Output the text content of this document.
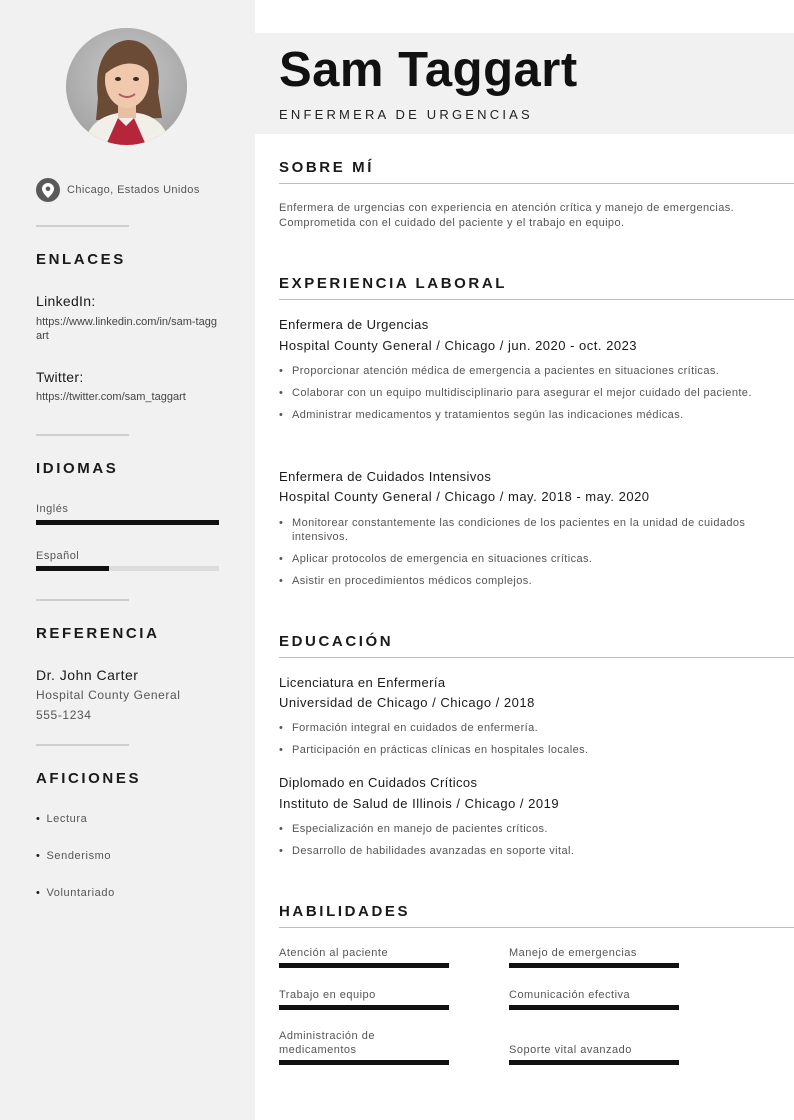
Chicago, Estados Unidos
ENLACES
LinkedIn:
https://www.linkedin.com/in/sam-taggart
Twitter:
https://twitter.com/sam_taggart
IDIOMAS
Inglés
Español
REFERENCIA
Dr. John Carter
Hospital County General
555-1234
AFICIONES
• Lectura
• Senderismo
• Voluntariado
Sam Taggart
ENFERMERA DE URGENCIAS
SOBRE MÍ
Enfermera de urgencias con experiencia en atención crítica y manejo de emergencias. Comprometida con el cuidado del paciente y el trabajo en equipo.
EXPERIENCIA LABORAL
Enfermera de Urgencias
Hospital County General / Chicago / jun. 2020 - oct. 2023
• Proporcionar atención médica de emergencia a pacientes en situaciones críticas.
• Colaborar con un equipo multidisciplinario para asegurar el mejor cuidado del paciente.
• Administrar medicamentos y tratamientos según las indicaciones médicas.
Enfermera de Cuidados Intensivos
Hospital County General / Chicago / may. 2018 - may. 2020
• Monitorear constantemente las condiciones de los pacientes en la unidad de cuidados intensivos.
• Aplicar protocolos de emergencia en situaciones críticas.
• Asistir en procedimientos médicos complejos.
EDUCACIÓN
Licenciatura en Enfermería
Universidad de Chicago / Chicago / 2018
• Formación integral en cuidados de enfermería.
• Participación en prácticas clínicas en hospitales locales.
Diplomado en Cuidados Críticos
Instituto de Salud de Illinois / Chicago / 2019
• Especialización en manejo de pacientes críticos.
• Desarrollo de habilidades avanzadas en soporte vital.
HABILIDADES
Atención al paciente	Manejo de emergencias
Trabajo en equipo	Comunicación efectiva
Administración de medicamentos	Soporte vital avanzado
